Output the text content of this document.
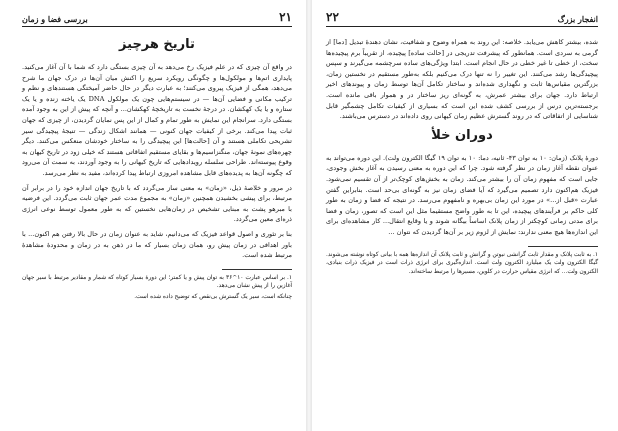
بررسی فضا و زمان	۲۱
تاریخ هرچیز

در واقع آن چیزی که در علم فیزیک رخ می‌دهد به آن چیزی بستگی دارد که شما با آن آغاز می‌کنید. پایداری اتم‌ها و مولکول‌ها و چگونگی رویکرد سریع را اکنش میان آن‌ها در درک جهان ما شرح می‌دهد، همگی از فیزیک پیروی می‌کنند؛ به عبارت دیگر در حال حاضر آمیختگی هستندهای و نظم و ترکیب مکانی و فضایی آن‌ها — در سیستم‌هایی چون یک مولکول DNA یک یاخته زنده و یا یک ستاره و یا یک کهکشان. در درجۀ نخست به تاریخچۀ کهکشان... و آنچه که پیش از این به وجود آمده بستگی دارد. سرانجام این نمایش به طور تمام و کمال از این پس نمایان گردیدن، از چیزی که جهان ثبات پیدا می‌کند. برخی از کیفیات جهان کنونی — همانند اشکال زندگی — تنیجۀ پیچیدگی سیر تشریحی تکاملی هستند و آن [حالت‌ها] این پیچیدگی را به ساختار خودشان منعکس می‌کنند. دیگر چهره‌های نمونۀ جهان، منگنزاسیم‌ها و بقایای مستقیم اتفاقاتی هستند که خیلی زود در تاریخ کیهان به وقوع پیوسته‌اند. طراحی سلسله رویدادهایی که تاریخ کیهانی را به وجود آوردند، به سمت آن می‌رود که چگونه آن‌ها به پدیده‌های قابل مشاهده امروزی ارتباط پیدا کرده‌اند، مفید به نظر می‌رسد.

در مرور و خلاصۀ ذیل، «زمان» به معنی ساز می‌گردد که با تاریخ جهان اندازه خود را در برابر آن مرتبط، برای پیشی بخشیدن همچنین «زمان» به مجموع مدت عمر جهان ثابت می‌گردد. این فرضیه با مبرهو پشت به مبنایی تشخیص در زمان‌هایی نخستین که به طور معمول توسط نوعی انرژی ذره‌ای معین می‌گردد.

بنا بر تئوری و اصول قواعد فیزیک که می‌دانیم، شاید به عنوان زمان در حال بالا رفتن هم اکنون... با باور اهدافی در زمان پیش رو، همان زمان بسیار که ما در ذهن به در زمان و محدودۀ مشاهدۀ مرتبط شده است.

۱. بر اساس عبارت ۱۰^۳۶ به توان پیش و یا کمتر؛ این دورهٔ بسیار کوتاه که شمار و مقادیر مرتبط با سیر جهان آغازین را از پیش نشان می‌دهد.

چنانکه است، سیر یک گسترش بی‌نقص که توضیح داده شده است.

۲۲	انفجار بزرگ

شده، بیشتر کاهش می‌یابد. خلاصه: این روند به همراه وضوح و شفافیت، نشان دهندۀ تبدیل [دما] از گرمی به سردی است. همانطور که پیشرفت تدریجی در [حالت ساده] پیچیده، از تقریباً برم پیچیده‌ها سخت، از خطی تا غیر خطی در حال انجام است. ابتدا ویژگی‌های ساده سرچشمه می‌گیرند و سپس پیچیدگی‌ها رشد می‌کنند. این تغییر را نه تنها درک می‌کنیم بلکه به‌طور مستقیم در نخستین زمان، بزرگترین مقیاس‌ها ثابت و نگهداری شده‌اند و ساختار تکامل آن‌ها توسط زمان و پیوندهای اخیر ارتباط دارد. جهان برای بیشتر عمرش، به گونه‌ای ریز ساختار در و هموار باقی مانده است. برجسته‌ترین درس از بررسی کشف شده این است که بسیاری از کیفیات تکامل چشمگیر قابل شناسایی از اتفاقاتی که در روند گسترش عظیم زمان کیهانی روی داده‌اند در دسترس می‌باشند.

دوران خلأ

دورۀ پلانک (زمان: ۱۰ به توان ۴۳- ثانیه، دما: ۱۰ به توان ۱۹ گیگا الکترون ولت). این دوره می‌تواند به عنوان نقطه آغاز زمان در نظر گرفته شود. چرا که این دوره به معنی رسیدن به آغاز بخش وجودی، جایی است که مفهوم زمان آن را بیشتر می‌کند. زمان به بخش‌های کوچک‌تر از آن تقسیم نمی‌شود. فیزیک هم‌اکنون دارد تصمیم می‌گیرد که آیا فضای زمان نیز به گونه‌ای بی‌حد است. بنابراین گفتن عبارت «قبل از...» در مورد این زمان بی‌بهره و نامفهوم می‌رسد. در نتیجه که فضا و زمان به طور کلی حاکم بر فرآیندهای پیچیده، این تا به طور واضح مستقیما مثل این است که تصور، زمان و فضا برای مدتی زمانی کوچکتر از زمان پلانک اساساً بیگانه شوند و یا وقایع انتقال... کار مشاهده‌ای برای این اندازه‌ها هیچ معنی ندارند: نمایش از لزوم زیر بر آن‌ها گردیدن که نتوان ...

۱. به ثابت پلانک و مقدار ثابت گرانشی نیوتن و گرانش و ثابت پلانک آن اندازه‌ها همه با بیانی کوتاه نوشته می‌شوند. گیگا الکترون ولت یک میلیارد الکترون ولت است. اندازه‌گیری برای انرژی ذرات است در فیزیک ذرات بنیادی، الکترون ولت... که انرژی مقیاس حرارت در کلوین، مسیرها را مرتبط ساخته‌اند.
